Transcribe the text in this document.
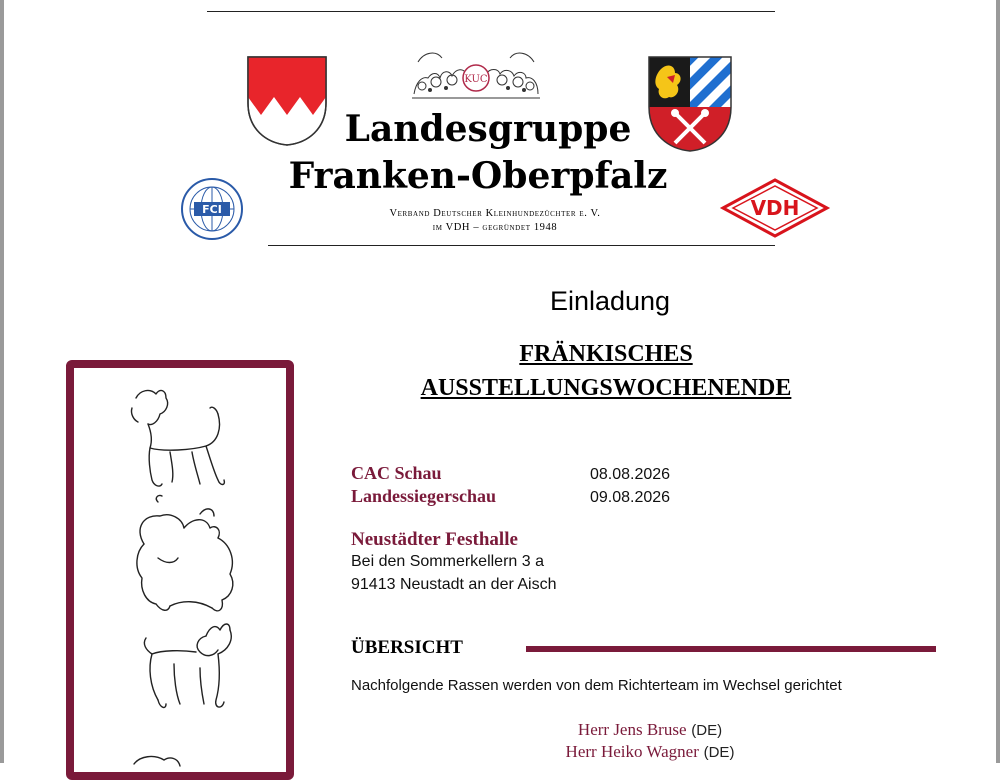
KUC
Landesgruppe
Franken-Oberpfalz
FCI	Verband Deutscher Kleinhundezüchter e. V.
im VDH – gegründet 1948
VDH
Einladung
FRÄNKISCHES
AUSSTELLUNGSWOCHENENDE
CAC Schau	08.08.2026
Landessiegerschau	09.08.2026
Neustädter Festhalle
Bei den Sommerkellern 3 a
91413 Neustadt an der Aisch
ÜBERSICHT
Nachfolgende Rassen werden von dem Richterteam im Wechsel gerichtet
Herr Jens Bruse (DE)
Herr Heiko Wagner (DE)
